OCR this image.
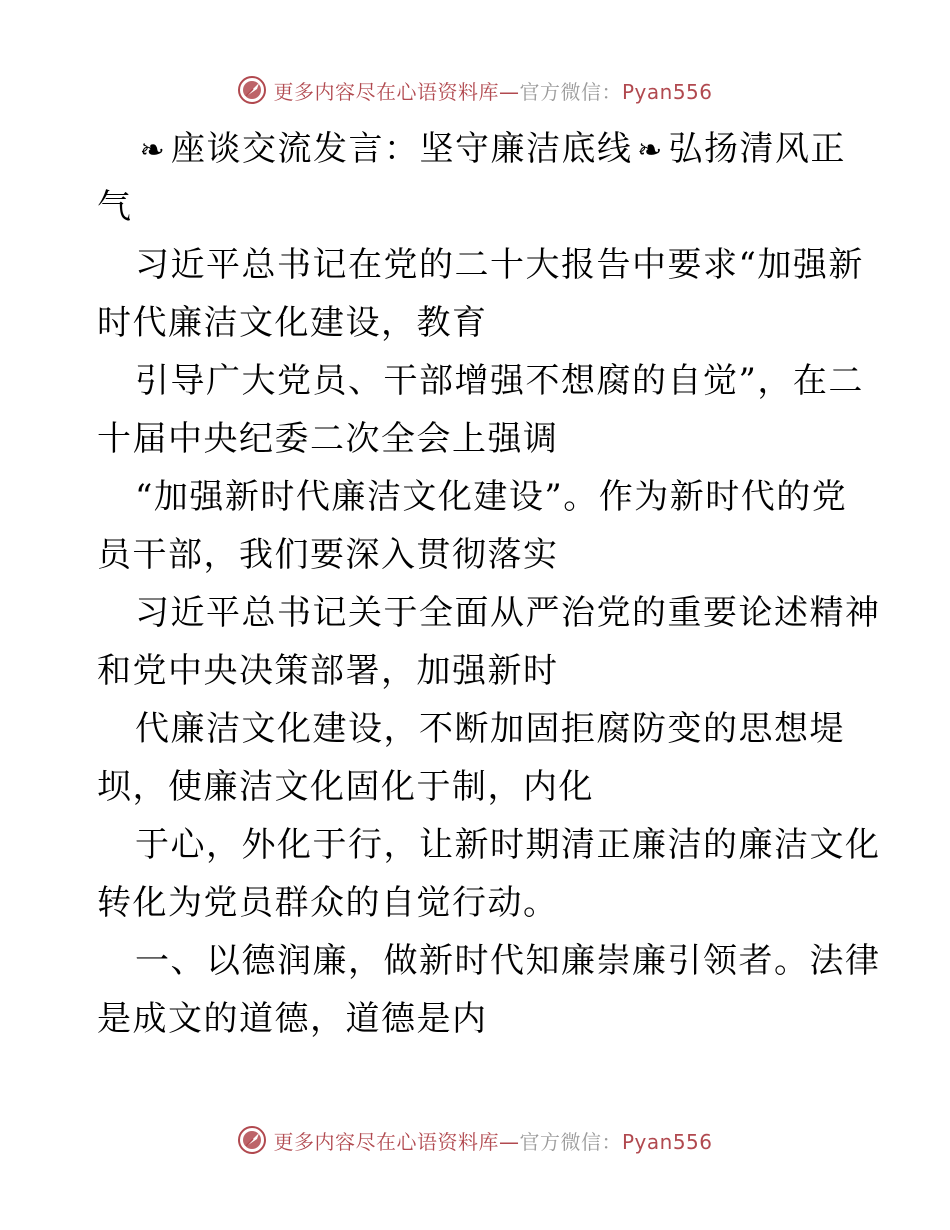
更多内容尽在心语资料库—官方微信：Pyan556
❧ 座谈交流发言：坚守廉洁底线 ❧ 弘扬清风正
气
习近平总书记在党的二十大报告中要求“加强新
时代廉洁文化建设，教育
引导广大党员、干部增强不想腐的自觉”，在二
十届中央纪委二次全会上强调
“加强新时代廉洁文化建设”。作为新时代的党
员干部，我们要深入贯彻落实
习近平总书记关于全面从严治党的重要论述精神
和党中央决策部署，加强新时
代廉洁文化建设，不断加固拒腐防变的思想堤
坝，使廉洁文化固化于制，内化
于心，外化于行，让新时期清正廉洁的廉洁文化
转化为党员群众的自觉行动。
一、以德润廉，做新时代知廉崇廉引领者。法律
是成文的道德，道德是内
更多内容尽在心语资料库—官方微信：Pyan556
